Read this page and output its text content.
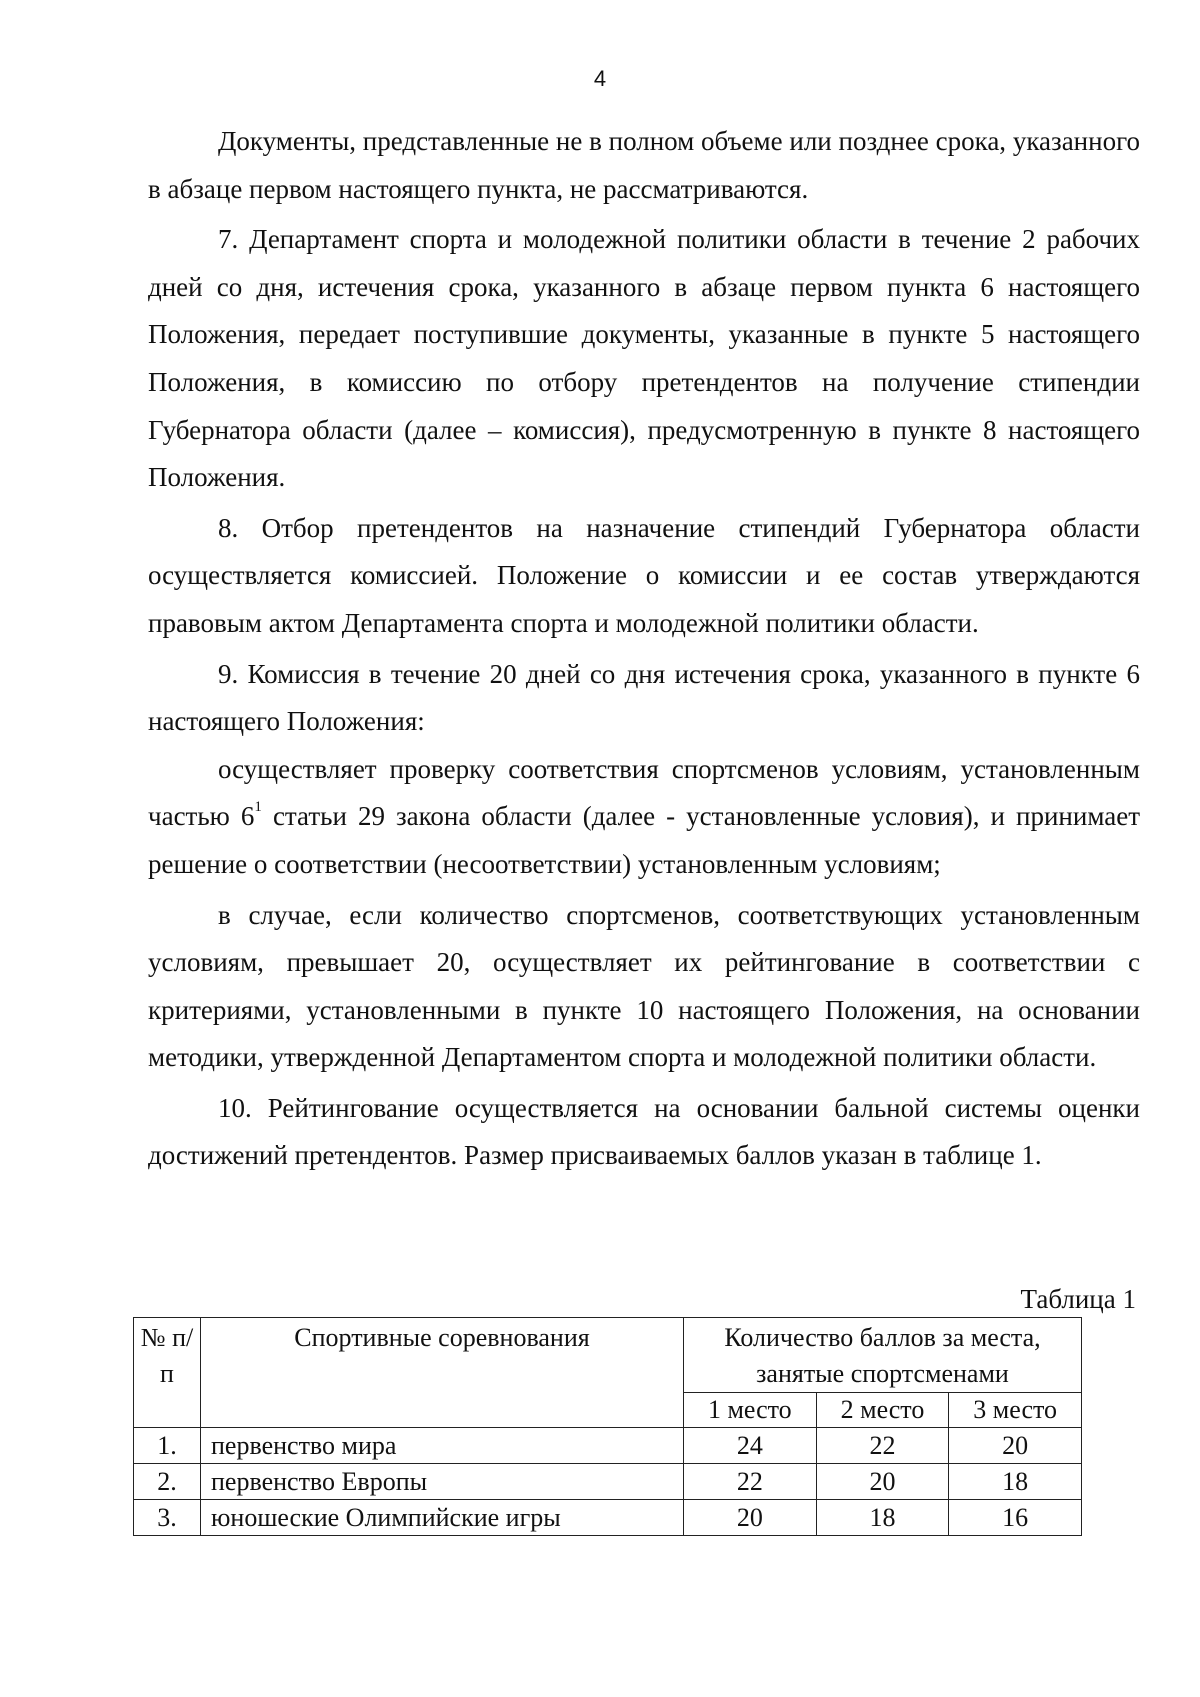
4

Документы, представленные не в полном объеме или позднее срока, указанного в абзаце первом настоящего пункта, не рассматриваются.

7. Департамент спорта и молодежной политики области в течение 2 рабочих дней со дня, истечения срока, указанного в абзаце первом пункта 6 настоящего Положения, передает поступившие документы, указанные в пункте 5 настоящего Положения, в комиссию по отбору претендентов на получение стипендии Губернатора области (далее – комиссия), предусмотренную в пункте 8 настоящего Положения.

8. Отбор претендентов на назначение стипендий Губернатора области осуществляется комиссией. Положение о комиссии и ее состав утверждаются правовым актом Департамента спорта и молодежной политики области.

9. Комиссия в течение 20 дней со дня истечения срока, указанного в пункте 6 настоящего Положения:

осуществляет проверку соответствия спортсменов условиям, установленным частью $6^1$ статьи 29 закона области (далее - установленные условия), и принимает решение о соответствии (несоответствии) установленным условиям;

в случае, если количество спортсменов, соответствующих установленным условиям, превышает 20, осуществляет их рейтингование в соответствии с критериями, установленными в пункте 10 настоящего Положения, на основании методики, утвержденной Департаментом спорта и молодежной политики области.

10. Рейтингование осуществляется на основании бальной системы оценки достижений претендентов. Размер присваиваемых баллов указан в таблице 1.

Таблица 1
№ п/п	Спортивные соревнования	Количество баллов за места, занятые спортсменами		
		1 место	2 место	3 место
1.	первенство мира	24	22	20
2.	первенство Европы	22	20	18
3.	юношеские Олимпийские игры	20	18	16
